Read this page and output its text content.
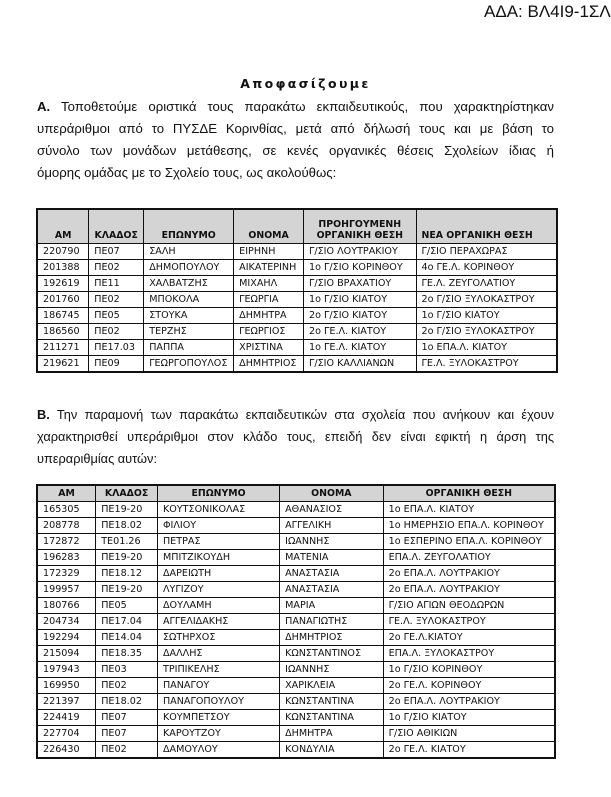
ΑΔΑ: ΒΛ4Ι9-1ΣΛ
Αποφασίζουμε
Α. Τοποθετούμε οριστικά τους παρακάτω εκπαιδευτικούς, που χαρακτηρίστηκαν
υπεράριθμοι από το ΠΥΣΔΕ Κορινθίας, μετά από δήλωσή τους και με βάση το
σύνολο των μονάδων μετάθεσης, σε κενές οργανικές θέσεις Σχολείων ίδιας ή
όμορης ομάδας με το Σχολείο τους, ως ακολούθως:
ΑΜ	ΚΛΑΔΟΣ	ΕΠΩΝΥΜΟ	ΟΝΟΜΑ	ΠΡΟΗΓΟΥΜΕΝΗ
ΟΡΓΑΝΙΚΗ ΘΕΣΗ	ΝΕΑ ΟΡΓΑΝΙΚΗ ΘΕΣΗ
220790	ΠΕ07	ΣΑΛΗ	ΕΙΡΗΝΗ	Γ/ΣΙΟ ΛΟΥΤΡΑΚΙΟΥ	Γ/ΣΙΟ ΠΕΡΑΧΩΡΑΣ
201388	ΠΕ02	ΔΗΜΟΠΟΥΛΟΥ	ΑΙΚΑΤΕΡΙΝΗ	1ο Γ/ΣΙΟ ΚΟΡΙΝΘΟΥ	4ο ΓΕ.Λ. ΚΟΡΙΝΘΟΥ
192619	ΠΕ11	ΧΑΛΒΑΤΖΗΣ	ΜΙΧΑΗΛ	Γ/ΣΙΟ ΒΡΑΧΑΤΙΟΥ	ΓΕ.Λ. ΖΕΥΓΟΛΑΤΙΟΥ
201760	ΠΕ02	ΜΠΟΚΟΛΑ	ΓΕΩΡΓΙΑ	1ο Γ/ΣΙΟ ΚΙΑΤΟΥ	2ο Γ/ΣΙΟ ΞΥΛΟΚΑΣΤΡΟΥ
186745	ΠΕ05	ΣΤΟΥΚΑ	ΔΗΜΗΤΡΑ	2ο Γ/ΣΙΟ ΚΙΑΤΟΥ	1ο Γ/ΣΙΟ ΚΙΑΤΟΥ
186560	ΠΕ02	ΤΕΡΖΗΣ	ΓΕΩΡΓΙΟΣ	2ο ΓΕ.Λ. ΚΙΑΤΟΥ	2ο Γ/ΣΙΟ ΞΥΛΟΚΑΣΤΡΟΥ
211271	ΠΕ17.03	ΠΑΠΠΑ	ΧΡΙΣΤΙΝΑ	1ο ΓΕ.Λ. ΚΙΑΤΟΥ	1ο ΕΠΑ.Λ. ΚΙΑΤΟΥ
219621	ΠΕ09	ΓΕΩΡΓΟΠΟΥΛΟΣ	ΔΗΜΗΤΡΙΟΣ	Γ/ΣΙΟ ΚΑΛΛΙΑΝΩΝ	ΓΕ.Λ. ΞΥΛΟΚΑΣΤΡΟΥ
Β. Την παραμονή των παρακάτω εκπαιδευτικών στα σχολεία που ανήκουν και έχουν
χαρακτηρισθεί υπεράριθμοι στον κλάδο τους, επειδή δεν είναι εφικτή η άρση της
υπεραριθμίας αυτών:
ΑΜ	ΚΛΑΔΟΣ	ΕΠΩΝΥΜΟ	ΟΝΟΜΑ	ΟΡΓΑΝΙΚΗ ΘΕΣΗ
165305	ΠΕ19-20	ΚΟΥΤΣΟΝΙΚΟΛΑΣ	ΑΘΑΝΑΣΙΟΣ	1ο ΕΠΑ.Λ. ΚΙΑΤΟΥ
208778	ΠΕ18.02	ΦΙΛΙΟΥ	ΑΓΓΕΛΙΚΗ	1ο ΗΜΕΡΗΣΙΟ ΕΠΑ.Λ. ΚΟΡΙΝΘΟΥ
172872	ΤΕ01.26	ΠΕΤΡΑΣ	ΙΩΑΝΝΗΣ	1ο ΕΣΠΕΡΙΝΟ ΕΠΑ.Λ. ΚΟΡΙΝΘΟΥ
196283	ΠΕ19-20	ΜΠΙΤΖΙΚΟΥΔΗ	ΜΑΤΕΝΙΑ	ΕΠΑ.Λ. ΖΕΥΓΟΛΑΤΙΟΥ
172329	ΠΕ18.12	ΔΑΡΕΙΩΤΗ	ΑΝΑΣΤΑΣΙΑ	2ο ΕΠΑ.Λ. ΛΟΥΤΡΑΚΙΟΥ
199957	ΠΕ19-20	ΛΥΓΙΖΟΥ	ΑΝΑΣΤΑΣΙΑ	2ο ΕΠΑ.Λ. ΛΟΥΤΡΑΚΙΟΥ
180766	ΠΕ05	ΔΟΥΛΑΜΗ	ΜΑΡΙΑ	Γ/ΣΙΟ ΑΓΙΩΝ ΘΕΟΔΩΡΩΝ
204734	ΠΕ17.04	ΑΓΓΕΛΙΔΑΚΗΣ	ΠΑΝΑΓΙΩΤΗΣ	ΓΕ.Λ. ΞΥΛΟΚΑΣΤΡΟΥ
192294	ΠΕ14.04	ΣΩΤΗΡΧΟΣ	ΔΗΜΗΤΡΙΟΣ	2ο ΓΕ.Λ.ΚΙΑΤΟΥ
215094	ΠΕ18.35	ΔΑΛΛΗΣ	ΚΩΝΣΤΑΝΤΙΝΟΣ	ΕΠΑ.Λ. ΞΥΛΟΚΑΣΤΡΟΥ
197943	ΠΕ03	ΤΡΙΠΙΚΕΛΗΣ	ΙΩΑΝΝΗΣ	1ο Γ/ΣΙΟ ΚΟΡΙΝΘΟΥ
169950	ΠΕ02	ΠΑΝΑΓΟΥ	ΧΑΡΙΚΛΕΙΑ	2ο ΓΕ.Λ. ΚΟΡΙΝΘΟΥ
221397	ΠΕ18.02	ΠΑΝΑΓΟΠΟΥΛΟΥ	ΚΩΝΣΤΑΝΤΙΝΑ	2ο ΕΠΑ.Λ. ΛΟΥΤΡΑΚΙΟΥ
224419	ΠΕ07	ΚΟΥΜΠΕΤΣΟΥ	ΚΩΝΣΤΑΝΤΙΝΑ	1ο Γ/ΣΙΟ ΚΙΑΤΟΥ
227704	ΠΕ07	ΚΑΡΟΥΤΖΟΥ	ΔΗΜΗΤΡΑ	Γ/ΣΙΟ ΑΘΙΚΙΩΝ
226430	ΠΕ02	ΔΑΜΟΥΛΟΥ	ΚΟΝΔΥΛΙΑ	2ο ΓΕ.Λ. ΚΙΑΤΟΥ
